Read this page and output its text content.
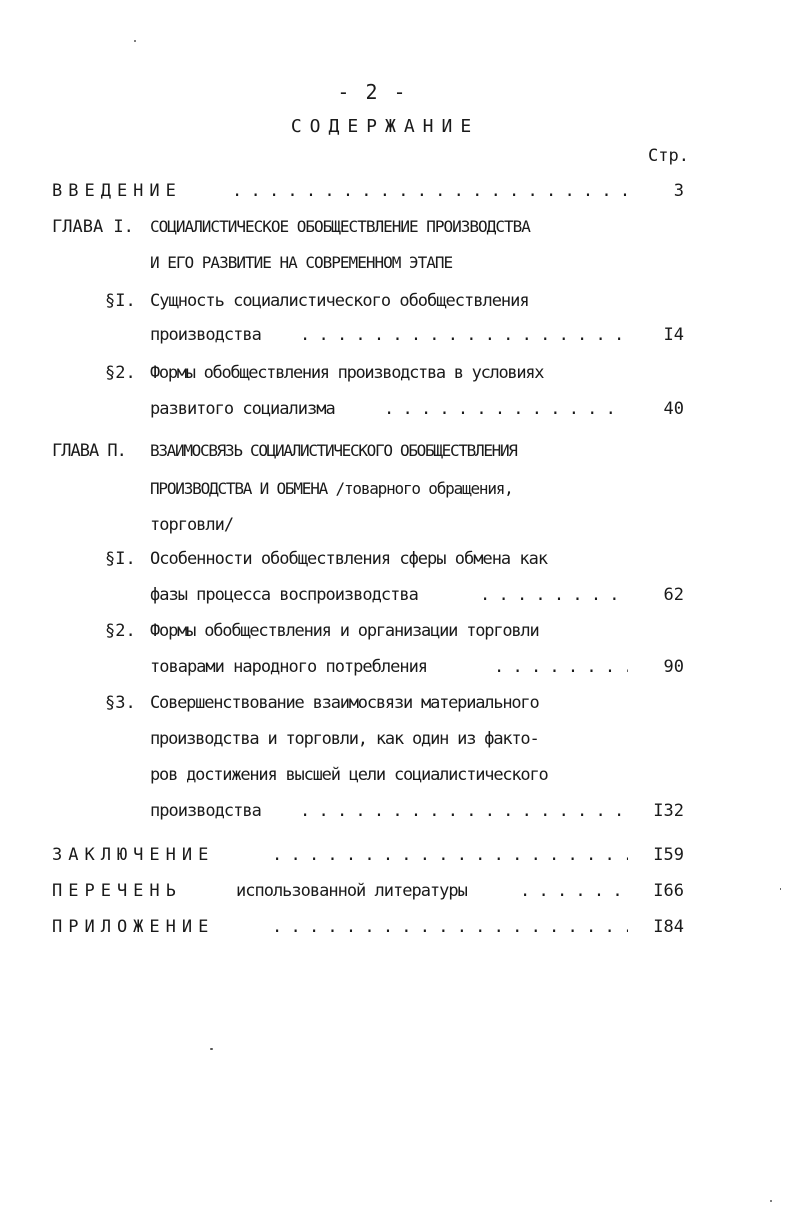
- 2 -
СОДЕРЖАНИЕ
Стр.
ВВЕДЕНИЕ . . .	3
ГЛАВА I. СОЦИАЛИСТИЧЕСКОЕ ОБОБЩЕСТВЛЕНИЕ ПРОИЗВОДСТВА
И ЕГО РАЗВИТИЕ НА СОВРЕМЕННОМ ЭТАПЕ
§I. Сущность социалистического обобществления
производства . . .	I4
§2. Формы обобществления производства в условиях
развитого социализма . . .	40
ГЛАВА П. ВЗАИМОСВЯЗЬ СОЦИАЛИСТИЧЕСКОГО ОБОБЩЕСТВЛЕНИЯ
ПРОИЗВОДСТВА И ОБМЕНА /товарного обращения,
торговли/
§I. Особенности обобществления сферы обмена как
фазы процесса воспроизводства . . .	62
§2. Формы обобществления и организации торговли
товарами народного потребления . . .	90
§3. Совершенствование взаимосвязи материального
производства и торговли, как один из факто-
ров достижения высшей цели социалистического
производства . . .	I32
ЗАКЛЮЧЕНИЕ . . .	I59
ПЕРЕЧЕНЬ	использованной литературы . . .	I66
ПРИЛОЖЕНИЕ . . .	I84
